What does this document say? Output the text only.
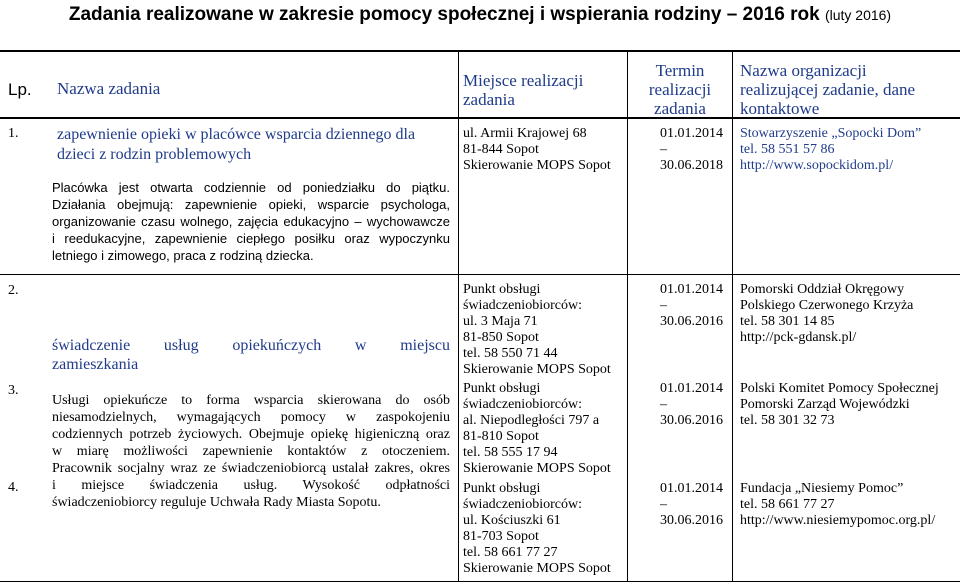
Zadania realizowane w zakresie pomocy społecznej i wspierania rodziny – 2016 rok (luty 2016)
Lp. Nazwa zadania	Miejsce realizacji
zadania
Termin
realizacji
zadania
Nazwa organizacji
realizującej zadanie, dane
kontaktowe
1. zapewnienie opieki w placówce wsparcia dziennego dla
dzieci z rodzin problemowych
Placówka jest otwarta codziennie od poniedziałku do piątku.
Działania obejmują: zapewnienie opieki, wsparcie psychologa,
organizowanie czasu wolnego, zajęcia edukacyjno – wychowawcze
i reedukacyjne, zapewnienie ciepłego posiłku oraz wypoczynku
letniego i zimowego, praca z rodziną dziecka.
ul. Armii Krajowej 68
81-844 Sopot
Skierowanie MOPS Sopot
01.01.2014
–
30.06.2018
Stowarzyszenie „Sopocki Dom”
tel. 58 551 57 86
http://www.sopockidom.pl/
2.
3.
4.
świadczenie usług opiekuńczych w miejscu
zamieszkania
Usługi opiekuńcze to forma wsparcia skierowana do osób
niesamodzielnych, wymagających pomocy w zaspokojeniu
codziennych potrzeb życiowych. Obejmuje opiekę higieniczną oraz
w miarę możliwości zapewnienie kontaktów z otoczeniem.
Pracownik socjalny wraz ze świadczeniobiorcą ustalał zakres, okres
i miejsce świadczenia usług. Wysokość odpłatności
świadczeniobiorcy reguluje Uchwała Rady Miasta Sopotu.
Punkt obsługi
świadczeniobiorców:
ul. 3 Maja 71
81-850 Sopot
tel. 58 550 71 44
Skierowanie MOPS Sopot
Punkt obsługi
świadczeniobiorców:
al. Niepodległości 797 a
81-810 Sopot
tel. 58 555 17 94
Skierowanie MOPS Sopot
Punkt obsługi
świadczeniobiorców:
ul. Kościuszki 61
81-703 Sopot
tel. 58 661 77 27
Skierowanie MOPS Sopot
01.01.2014
–
30.06.2016
01.01.2014
–
30.06.2016
01.01.2014
–
30.06.2016
Pomorski Oddział Okręgowy
Polskiego Czerwonego Krzyża
tel. 58 301 14 85
http://pck-gdansk.pl/
Polski Komitet Pomocy Społecznej
Pomorski Zarząd Wojewódzki
tel. 58 301 32 73
Fundacja „Niesiemy Pomoc”
tel. 58 661 77 27
http://www.niesiemypomoc.org.pl/
